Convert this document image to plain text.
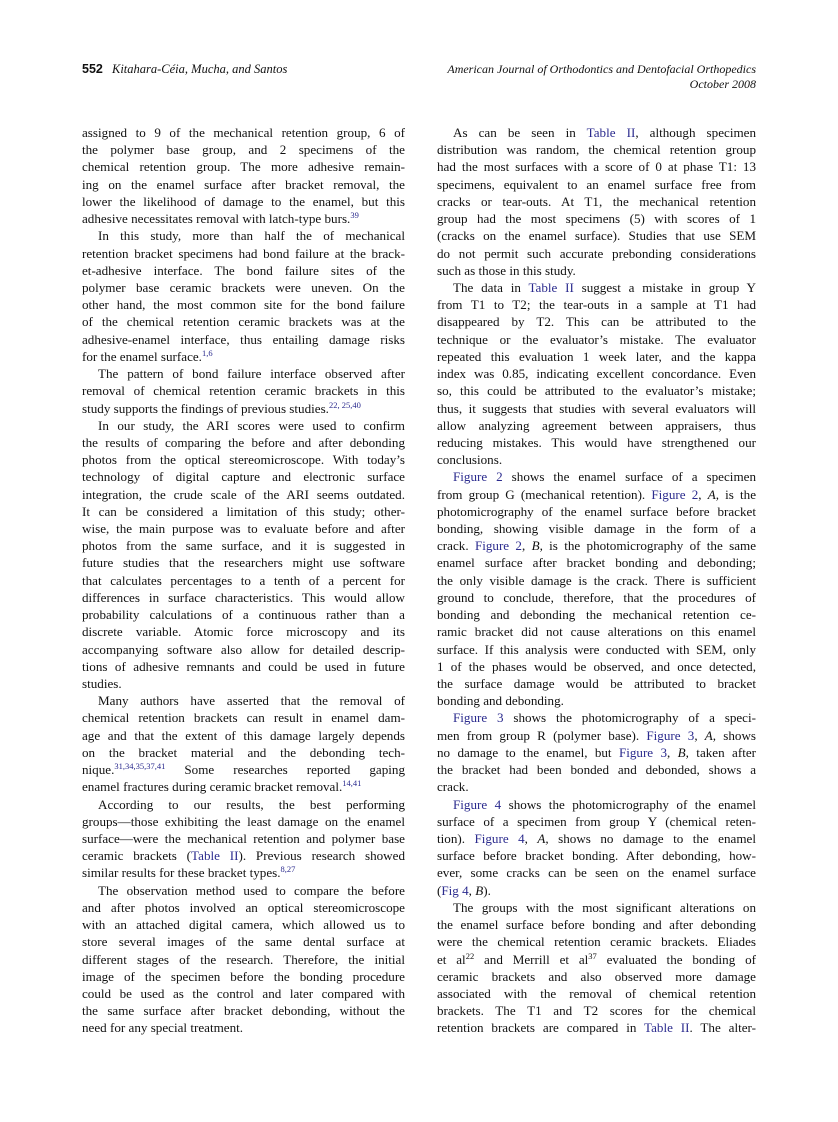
552 Kitahara-Céia, Mucha, and Santos	American Journal of Orthodontics and Dentofacial Orthopedics
October 2008
assigned to 9 of the mechanical retention group, 6 of
the polymer base group, and 2 specimens of the
chemical retention group. The more adhesive remain-
ing on the enamel surface after bracket removal, the
lower the likelihood of damage to the enamel, but this
adhesive necessitates removal with latch-type burs.$^{39}$
In this study, more than half the of mechanical
retention bracket specimens had bond failure at the brack-
et-adhesive interface. The bond failure sites of the
polymer base ceramic brackets were uneven. On the
other hand, the most common site for the bond failure
of the chemical retention ceramic brackets was at the
adhesive-enamel interface, thus entailing damage risks
for the enamel surface.$^{1,6}$
The pattern of bond failure interface observed after
removal of chemical retention ceramic brackets in this
study supports the findings of previous studies.$^{22, 25,40}$
In our study, the ARI scores were used to confirm
the results of comparing the before and after debonding
photos from the optical stereomicroscope. With today’s
technology of digital capture and electronic surface
integration, the crude scale of the ARI seems outdated.
It can be considered a limitation of this study; other-
wise, the main purpose was to evaluate before and after
photos from the same surface, and it is suggested in
future studies that the researchers might use software
that calculates percentages to a tenth of a percent for
differences in surface characteristics. This would allow
probability calculations of a continuous rather than a
discrete variable. Atomic force microscopy and its
accompanying software also allow for detailed descrip-
tions of adhesive remnants and could be used in future
studies.
Many authors have asserted that the removal of
chemical retention brackets can result in enamel dam-
age and that the extent of this damage largely depends
on the bracket material and the debonding tech-
nique.$^{31,34,35,37,41}$ Some researches reported gaping
enamel fractures during ceramic bracket removal.$^{14,41}$
According to our results, the best performing
groups—those exhibiting the least damage on the enamel
surface—were the mechanical retention and polymer base
ceramic brackets (Table II). Previous research showed
similar results for these bracket types.$^{8,27}$
The observation method used to compare the before
and after photos involved an optical stereomicroscope
with an attached digital camera, which allowed us to
store several images of the same dental surface at
different stages of the research. Therefore, the initial
image of the specimen before the bonding procedure
could be used as the control and later compared with
the same surface after bracket debonding, without the
need for any special treatment.
As can be seen in Table II, although specimen
distribution was random, the chemical retention group
had the most surfaces with a score of 0 at phase T1: 13
specimens, equivalent to an enamel surface free from
cracks or tear-outs. At T1, the mechanical retention
group had the most specimens (5) with scores of 1
(cracks on the enamel surface). Studies that use SEM
do not permit such accurate prebonding considerations
such as those in this study.
The data in Table II suggest a mistake in group Y
from T1 to T2; the tear-outs in a sample at T1 had
disappeared by T2. This can be attributed to the
technique or the evaluator’s mistake. The evaluator
repeated this evaluation 1 week later, and the kappa
index was 0.85, indicating excellent concordance. Even
so, this could be attributed to the evaluator’s mistake;
thus, it suggests that studies with several evaluators will
allow analyzing agreement between appraisers, thus
reducing mistakes. This would have strengthened our
conclusions.
Figure 2 shows the enamel surface of a specimen
from group G (mechanical retention). Figure 2, A, is the
photomicrography of the enamel surface before bracket
bonding, showing visible damage in the form of a
crack. Figure 2, B, is the photomicrography of the same
enamel surface after bracket bonding and debonding;
the only visible damage is the crack. There is sufficient
ground to conclude, therefore, that the procedures of
bonding and debonding the mechanical retention ce-
ramic bracket did not cause alterations on this enamel
surface. If this analysis were conducted with SEM, only
1 of the phases would be observed, and once detected,
the surface damage would be attributed to bracket
bonding and debonding.
Figure 3 shows the photomicrography of a speci-
men from group R (polymer base). Figure 3, A, shows
no damage to the enamel, but Figure 3, B, taken after
the bracket had been bonded and debonded, shows a
crack.
Figure 4 shows the photomicrography of the enamel
surface of a specimen from group Y (chemical reten-
tion). Figure 4, A, shows no damage to the enamel
surface before bracket bonding. After debonding, how-
ever, some cracks can be seen on the enamel surface
(Fig 4, B).
The groups with the most significant alterations on
the enamel surface before bonding and after debonding
were the chemical retention ceramic brackets. Eliades
et $al^{22}$ and Merrill et $al^{37}$ evaluated the bonding of
ceramic brackets and also observed more damage
associated with the removal of chemical retention
brackets. The T1 and T2 scores for the chemical
retention brackets are compared in Table II. The alter-
